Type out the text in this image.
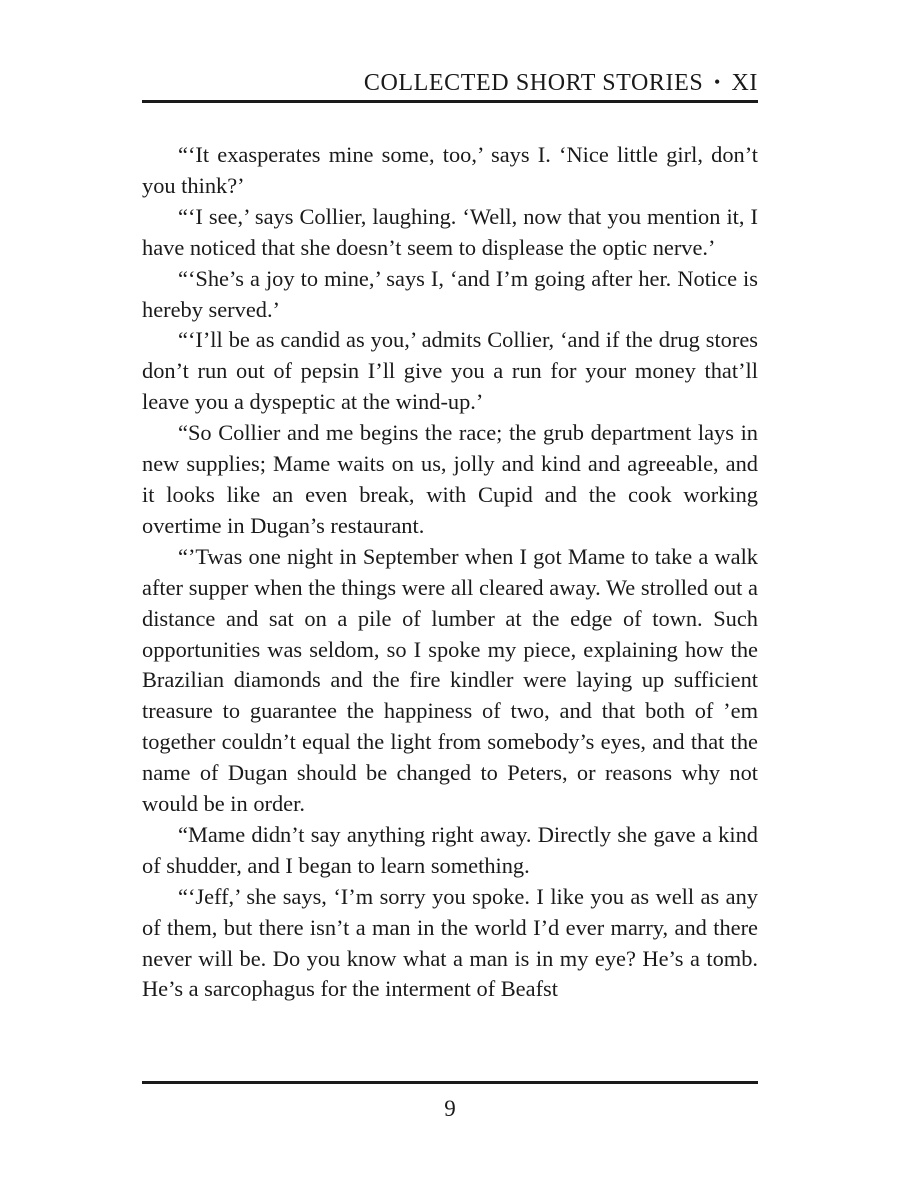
COLLECTED SHORT STORIES • XI

“‘It exasperates mine some, too,’ says I. ‘Nice little girl, don’t you think?’

“‘I see,’ says Collier, laughing. ‘Well, now that you mention it, I have noticed that she doesn’t seem to displease the optic nerve.’

“‘She’s a joy to mine,’ says I, ‘and I’m going after her. Notice is hereby served.’

“‘I’ll be as candid as you,’ admits Collier, ‘and if the drug stores don’t run out of pepsin I’ll give you a run for your money that’ll leave you a dyspeptic at the wind-up.’

“So Collier and me begins the race; the grub department lays in new supplies; Mame waits on us, jolly and kind and agreeable, and it looks like an even break, with Cupid and the cook working overtime in Dugan’s restaurant.

“’Twas one night in September when I got Mame to take a walk after supper when the things were all cleared away. We strolled out a distance and sat on a pile of lumber at the edge of town. Such opportunities was seldom, so I spoke my piece, explaining how the Brazilian diamonds and the fire kindler were laying up sufficient treasure to guarantee the happiness of two, and that both of ’em together couldn’t equal the light from somebody’s eyes, and that the name of Dugan should be changed to Peters, or reasons why not would be in order.

“Mame didn’t say anything right away. Directly she gave a kind of shudder, and I began to learn something.

“‘Jeff,’ she says, ‘I’m sorry you spoke. I like you as well as any of them, but there isn’t a man in the world I’d ever marry, and there never will be. Do you know what a man is in my eye? He’s a tomb. He’s a sarcophagus for the interment of Beafst

9
